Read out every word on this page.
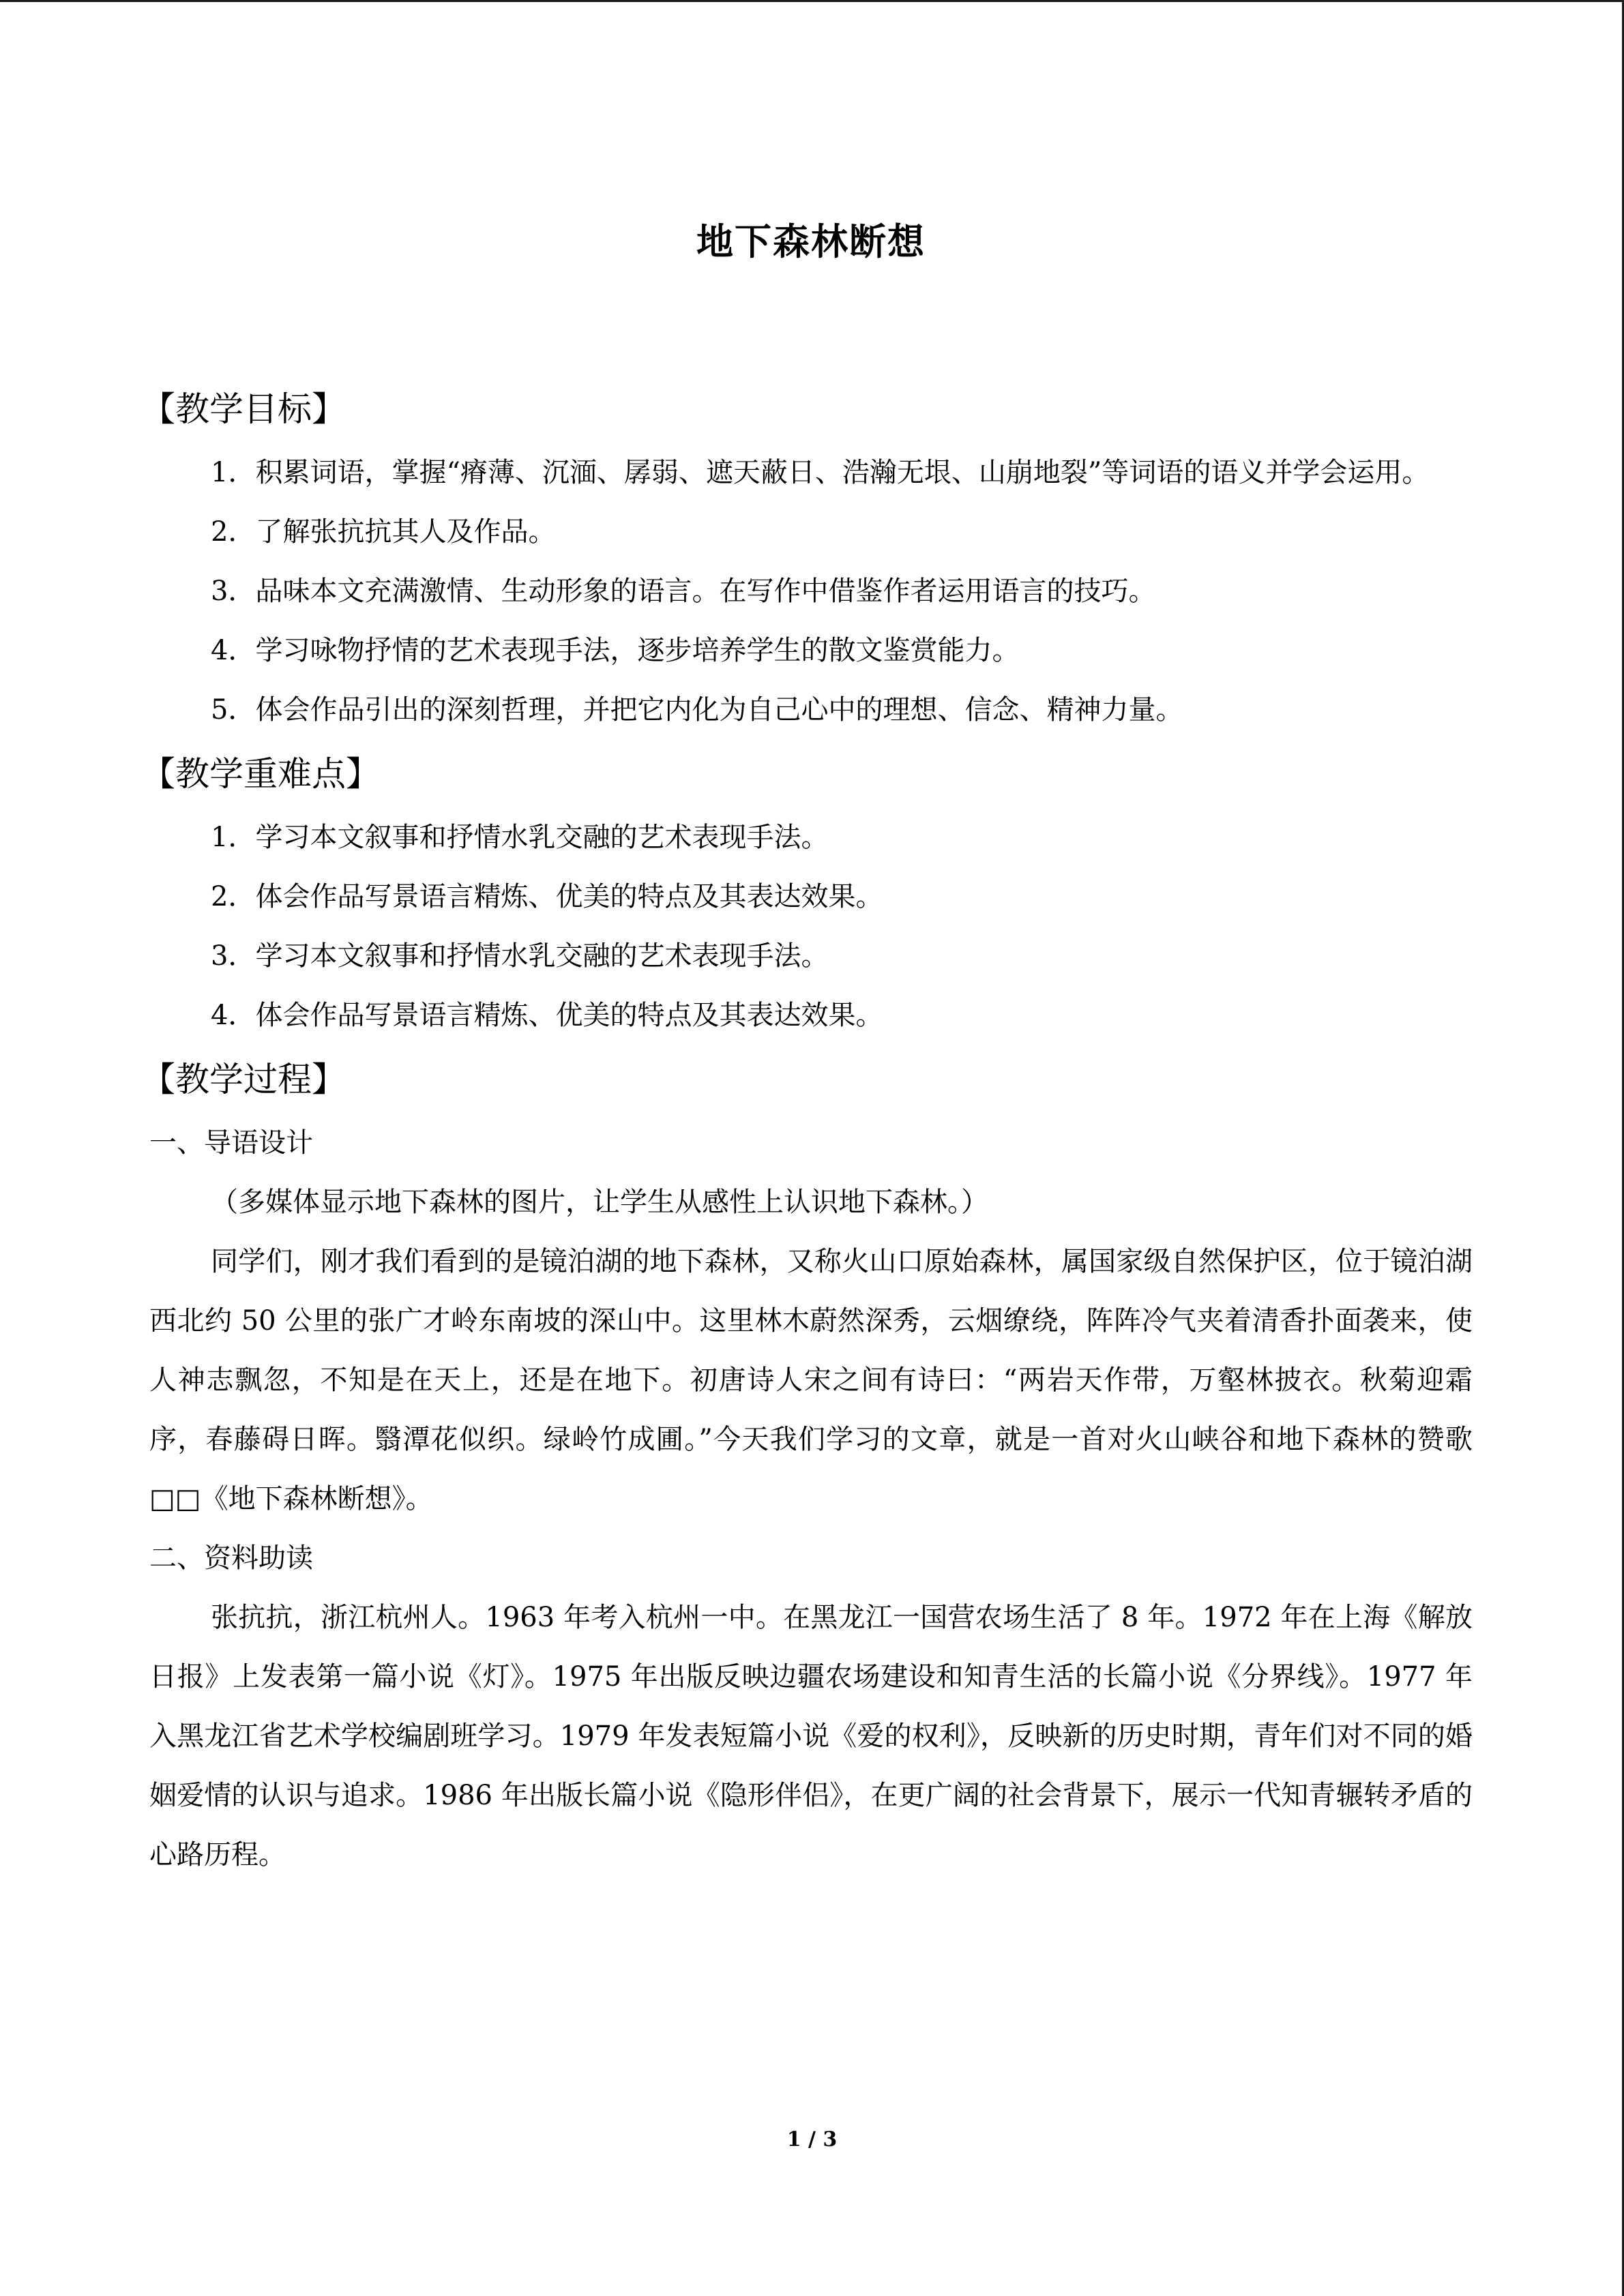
地下森林断想
【教学目标】

1．积累词语，掌握“瘠薄、沉湎、孱弱、遮天蔽日、浩瀚无垠、山崩地裂”等词语的语义并学会运用。

2．了解张抗抗其人及作品。

3．品味本文充满激情、生动形象的语言。在写作中借鉴作者运用语言的技巧。

4．学习咏物抒情的艺术表现手法，逐步培养学生的散文鉴赏能力。

5．体会作品引出的深刻哲理，并把它内化为自己心中的理想、信念、精神力量。

【教学重难点】

1．学习本文叙事和抒情水乳交融的艺术表现手法。

2．体会作品写景语言精炼、优美的特点及其表达效果。

3．学习本文叙事和抒情水乳交融的艺术表现手法。

4．体会作品写景语言精炼、优美的特点及其表达效果。

【教学过程】

一、导语设计

（多媒体显示地下森林的图片，让学生从感性上认识地下森林。）

同学们，刚才我们看到的是镜泊湖的地下森林，又称火山口原始森林，属国家级自然保护区，位于镜泊湖西北约 50 公里的张广才岭东南坡的深山中。这里林木蔚然深秀，云烟缭绕，阵阵冷气夹着清香扑面袭来，使人神志飘忽，不知是在天上，还是在地下。初唐诗人宋之间有诗曰：“两岩天作带，万壑林披衣。秋菊迎霜序，春藤碍日晖。翳潭花似织。绿岭竹成圃。”今天我们学习的文章，就是一首对火山峡谷和地下森林的赞歌□□《地下森林断想》。

二、资料助读

张抗抗，浙江杭州人。1963 年考入杭州一中。在黑龙江一国营农场生活了 8 年。1972 年在上海《解放日报》上发表第一篇小说《灯》。1975 年出版反映边疆农场建设和知青生活的长篇小说《分界线》。1977 年入黑龙江省艺术学校编剧班学习。1979 年发表短篇小说《爱的权利》，反映新的历史时期，青年们对不同的婚姻爱情的认识与追求。1986 年出版长篇小说《隐形伴侣》，在更广阔的社会背景下，展示一代知青辗转矛盾的心路历程。

1 / 3
